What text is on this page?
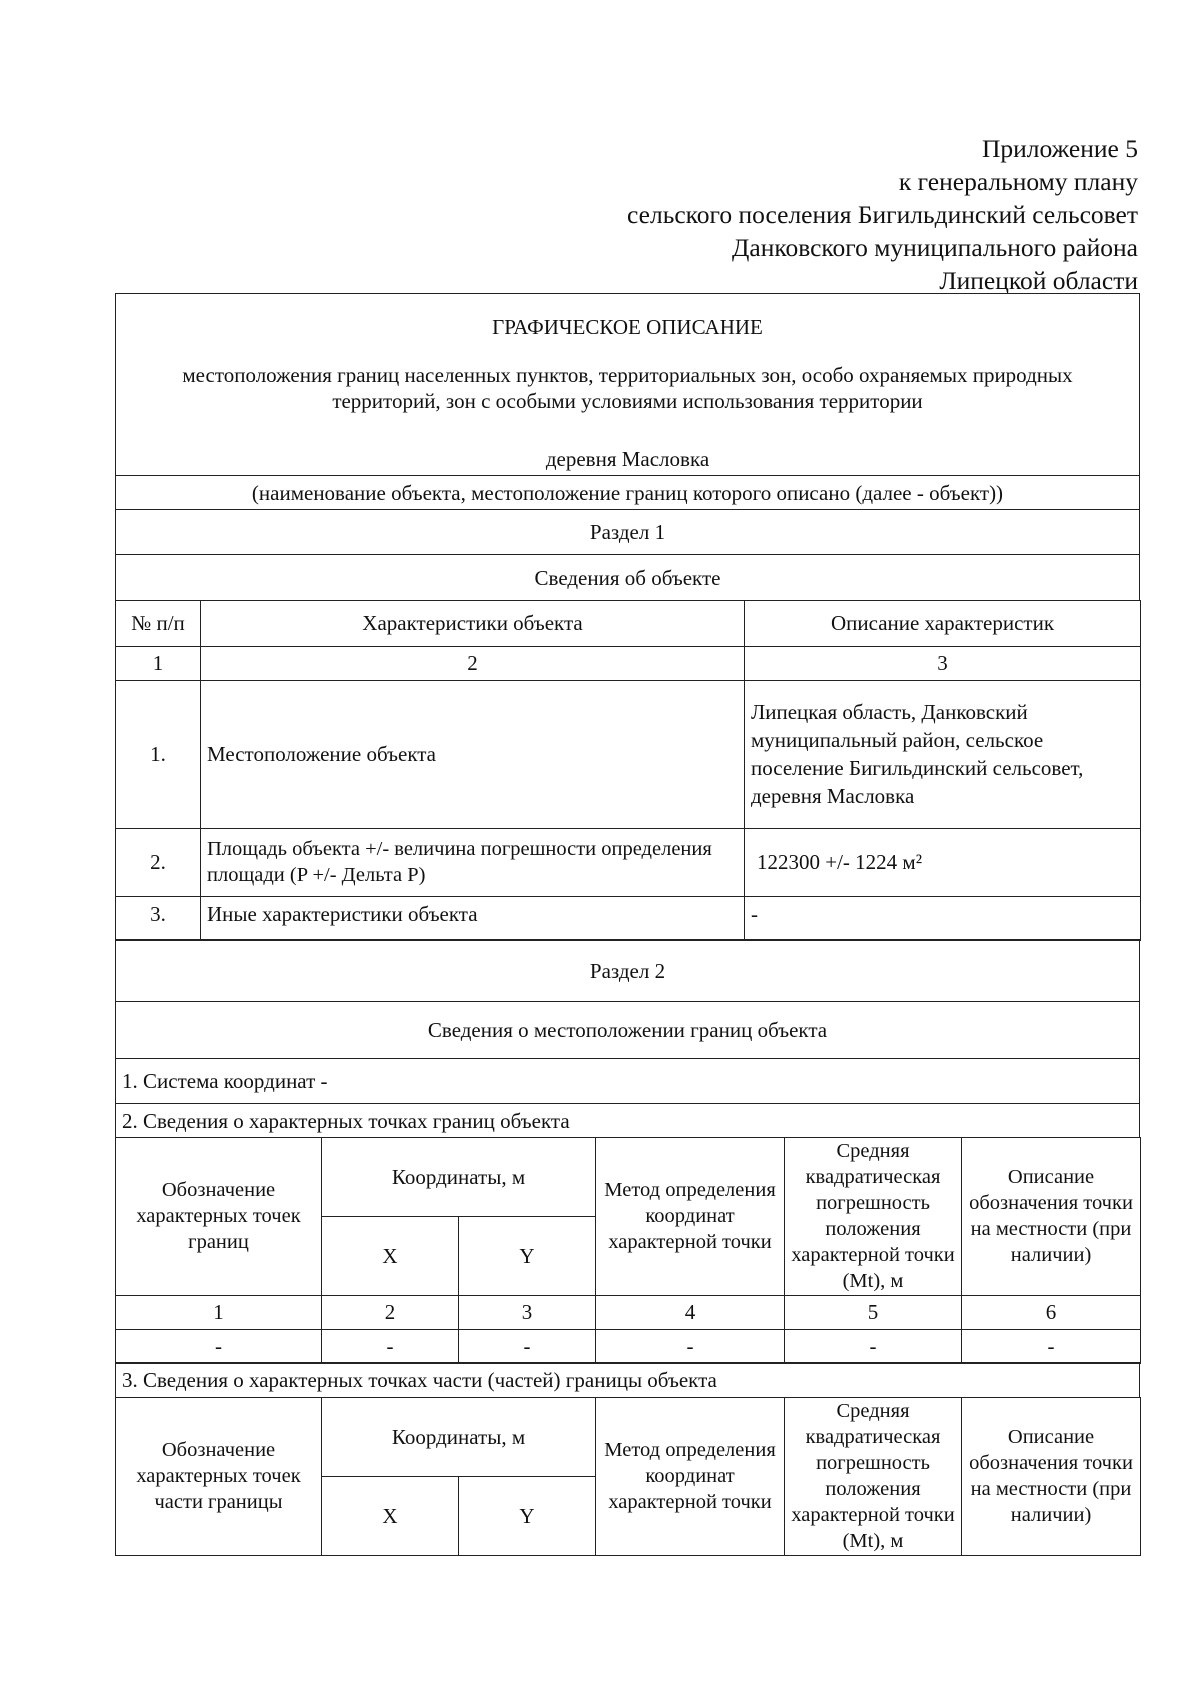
Приложение 5
к генеральному плану
сельского поселения Бигильдинский сельсовет
Данковского муниципального района
Липецкой области
ГРАФИЧЕСКОЕ ОПИСАНИЕ
местоположения границ населенных пунктов, территориальных зон, особо охраняемых природных территорий, зон с особыми условиями использования территории
деревня Масловка

(наименование объекта, местоположение границ которого описано (далее - объект))
Раздел 1
Сведения об объекте
№ п/п	Характеристики объекта	Описание характеристик
1	2	3
1.	Местоположение объекта	Липецкая область, Данковский муниципальный район, сельское поселение Бигильдинский сельсовет, деревня Масловка
2.	Площадь объекта +/- величина погрешности определения площади (P +/- Дельта P)	122300 +/- 1224 м²
3.	Иные характеристики объекта	-
Раздел 2
Сведения о местоположении границ объекта
1. Система координат -
2. Сведения о характерных точках границ объекта
Обозначение характерных точек границ	Координаты, м		Метод определения координат характерной точки	Средняя квадратическая погрешность положения характерной точки (Mt), м	Описание обозначения точки на местности (при наличии)
	X	Y			
1	2	3	4	5	6
-	-	-	-	-	-
3. Сведения о характерных точках части (частей) границы объекта
Обозначение характерных точек части границы	Координаты, м		Метод определения координат характерной точки	Средняя квадратическая погрешность положения характерной точки (Mt), м	Описание обозначения точки на местности (при наличии)
	X	Y			
